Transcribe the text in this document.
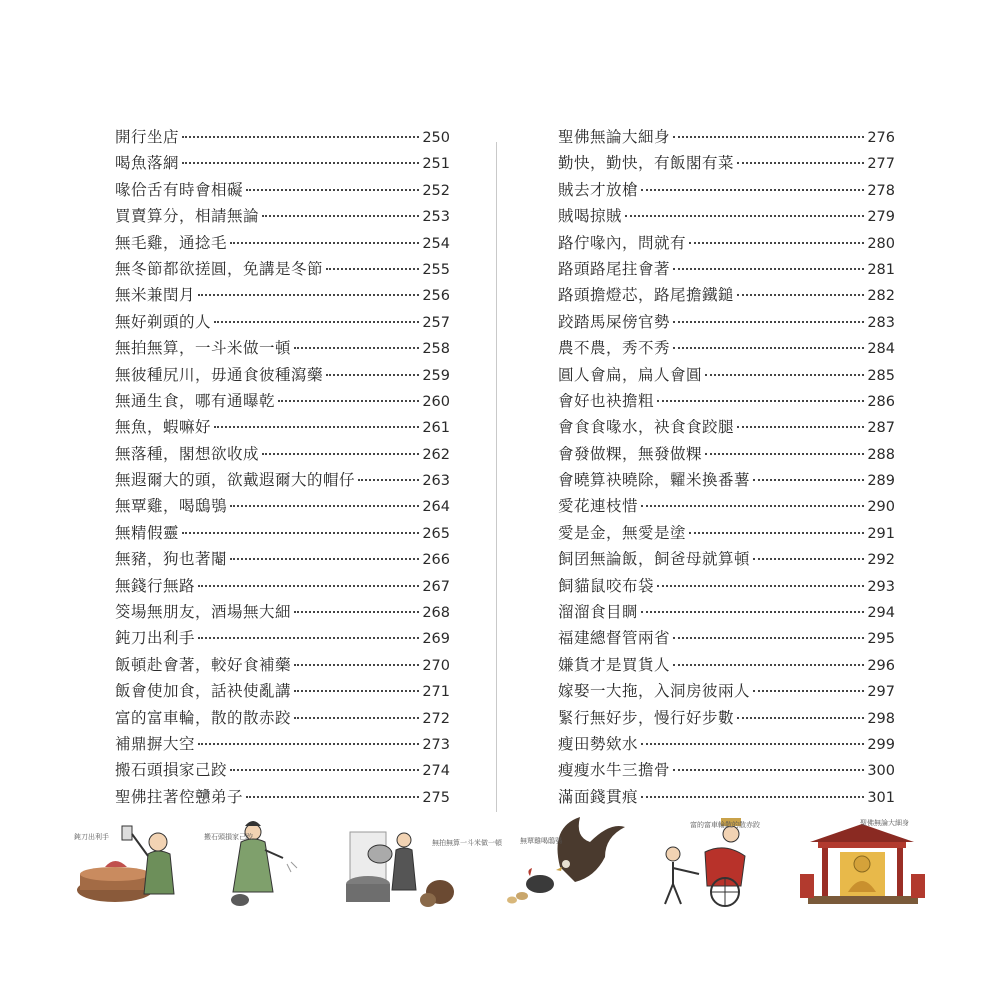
開行坐店	250
喝魚落網	251
喙佮舌有時會相礙	252
買賣算分，相請無論	253
無毛雞，通捻毛	254
無冬節都欲搓圓，免講是冬節	255
無米兼閏月	256
無好剃頭的人	257
無拍無算，一斗米做一頓	258
無彼種尻川，毋通食彼種瀉藥	259
無通生食，哪有通曝乾	260
無魚，蝦嘛好	261
無落種，閣想欲收成	262
無遐爾大的頭，欲戴遐爾大的帽仔	263
無覃雞，喝鴟鴞	264
無精假靈	265
無豬，狗也著閹	266
無錢行無路	267
筊場無朋友，酒場無大細	268
鈍刀出利手	269
飯頓赴會著，較好食補藥	270
飯會使加食，話袂使亂講	271
富的富車輪，散的散赤跤	272
補鼎摒大空	273
搬石頭損家己跤	274
聖佛拄著倥戇弟子	275
聖佛無論大細身	276
勤快，勤快，有飯閣有菜	277
賊去才放槍	278
賊喝掠賊	279
路佇喙內，問就有	280
路頭路尾拄會著	281
路頭擔燈芯，路尾擔鐵鎚	282
跤踏馬屎傍官勢	283
農不農，秀不秀	284
圓人會扁，扁人會圓	285
會好也袂擔粗	286
會食食喙水，袂食食跤腿	287
會發做粿，無發做粿	288
會曉算袂曉除，糶米換番薯	289
愛花連枝惜	290
愛是金，無愛是塗	291
飼囝無論飯，飼爸母就算頓	292
飼貓鼠咬布袋	293
溜溜食目睭	294
福建總督管兩省	295
嫌貨才是買貨人	296
嫁娶一大拖，入洞房彼兩人	297
緊行無好步，慢行好步數	298
瘦田勢欸水	299
瘦瘦水牛三擔骨	300
滿面錢貫痕	301
鈍刀出利手	搬石頭損家己跤
無拍無算一斗米做一頓	無覃雞喝鴟鴞
富的富車輪散的散赤跤	聖佛無論大細身
